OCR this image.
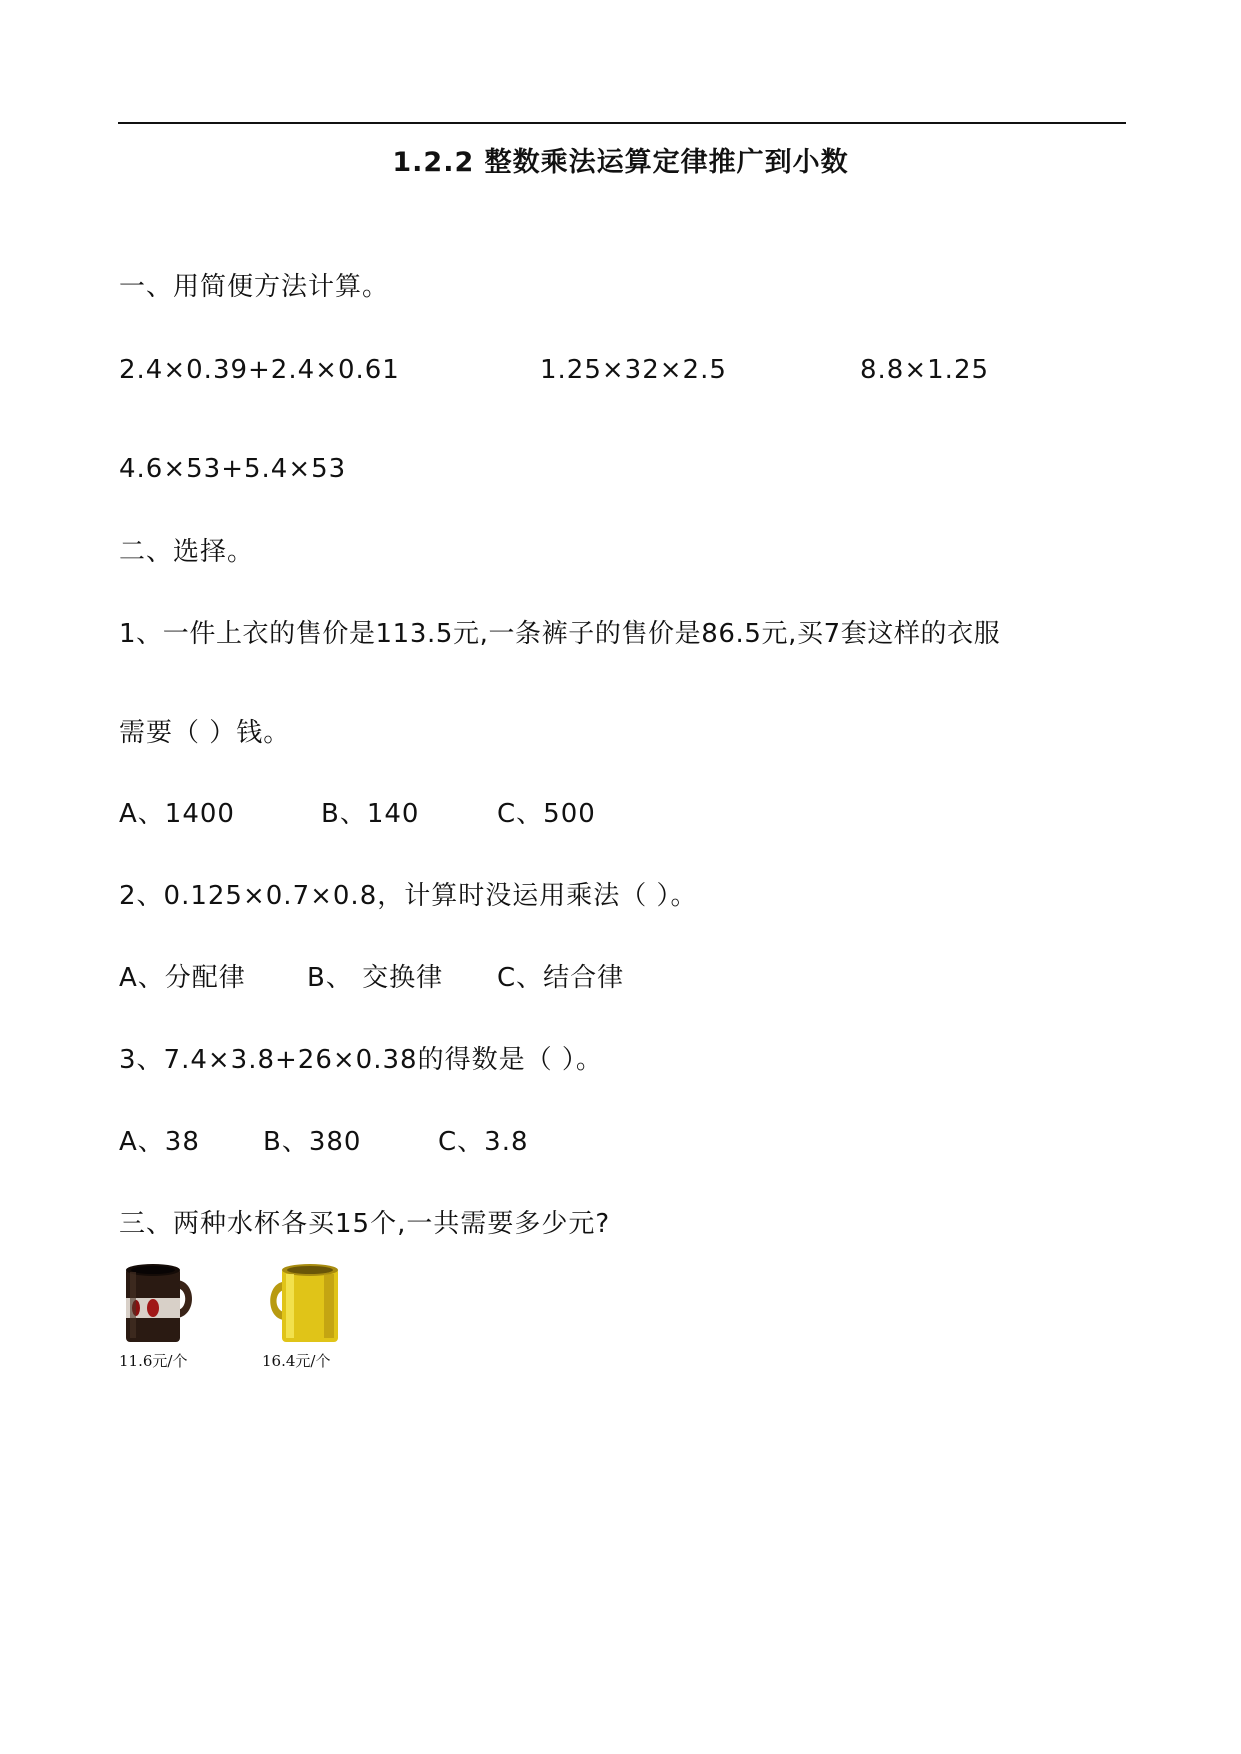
1.2.2 整数乘法运算定律推广到小数
一、用简便方法计算。
2.4×0.39+2.4×0.61	1.25×32×2.5	8.8×1.25
4.6×53+5.4×53
二、选择。
1、一件上衣的售价是113.5元,一条裤子的售价是86.5元,买7套这样的衣服
需要（ ）钱。
A、1400	B、140	C、500
2、0.125×0.7×0.8，计算时没运用乘法（ ）。
A、分配律 B、 交换律 C、结合律
3、7.4×3.8+26×0.38的得数是（ ）。
A、38 B、380	C、3.8
三、两种水杯各买15个,一共需要多少元?
11.6元/个	16.4元/个
